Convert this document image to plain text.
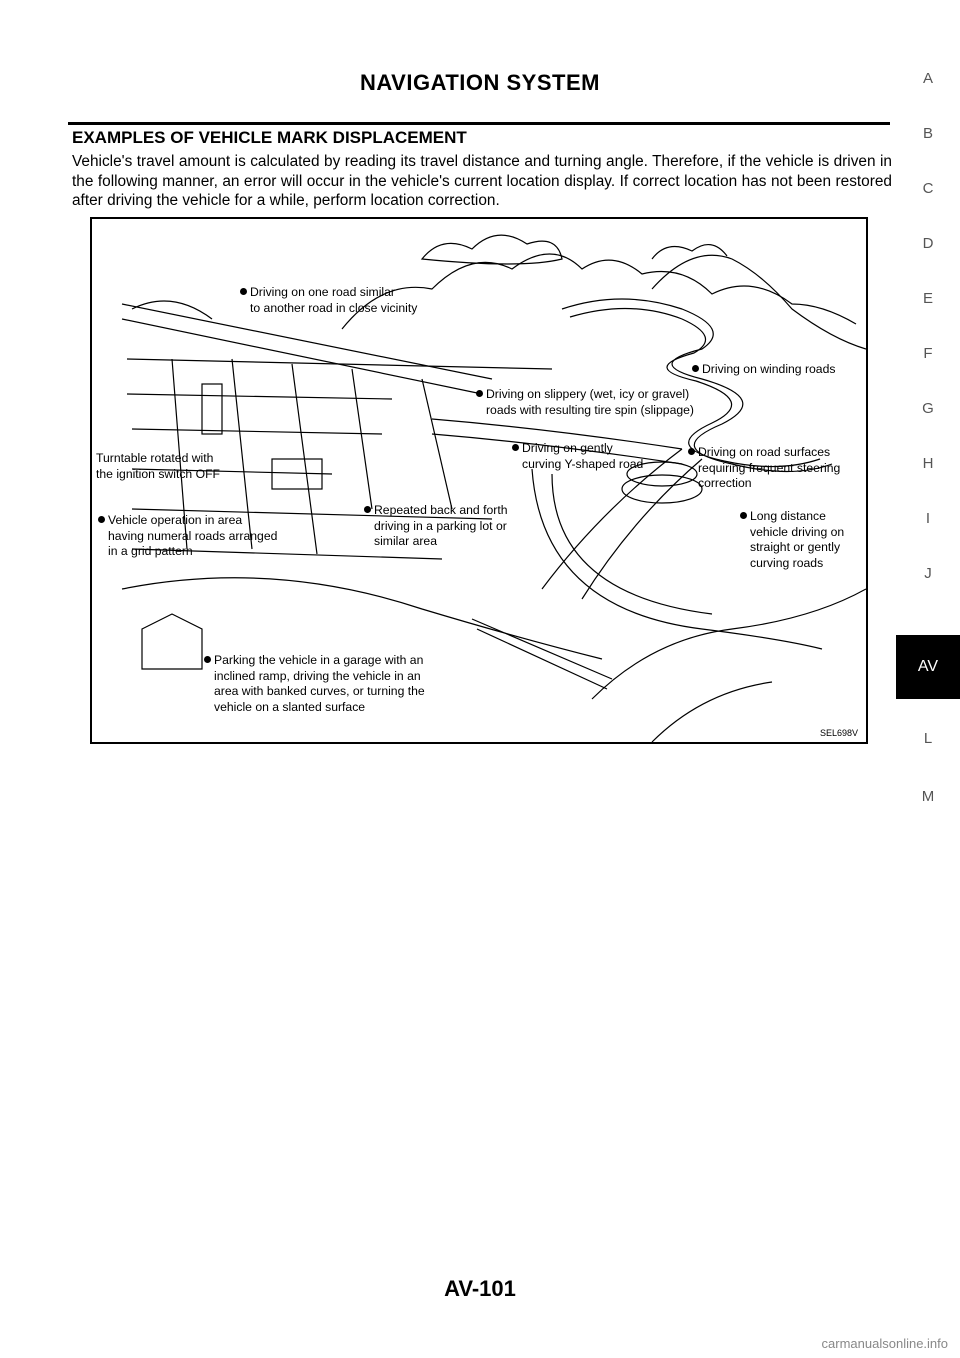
NAVIGATION SYSTEM
EXAMPLES OF VEHICLE MARK DISPLACEMENT
Vehicle's travel amount is calculated by reading its travel distance and turning angle. Therefore, if the vehicle is driven in the following manner, an error will occur in the vehicle's current location display. If correct location has not been restored after driving the vehicle for a while, perform location correction.
Driving on one road similar
to another road in close vicinity
Driving on winding roads
Driving on slippery (wet, icy or gravel)
roads with resulting tire spin (slippage)
Turntable rotated with
the ignition switch OFF
Driving on gently
curving Y-shaped road
Driving on road surfaces
requiring frequent steering
correction
Vehicle operation in area
having numeral roads arranged
in a grid pattern
Repeated back and forth
driving in a parking lot or
similar area
Long distance
vehicle driving on
straight or gently
curving roads
Parking the vehicle in a garage with an
inclined ramp, driving the vehicle in an
area with banked curves, or turning the
vehicle on a slanted surface
SEL698V
A
B
C
D
E
F
G
H
I
J
AV
L
M
AV-101
carmanualsonline.info
